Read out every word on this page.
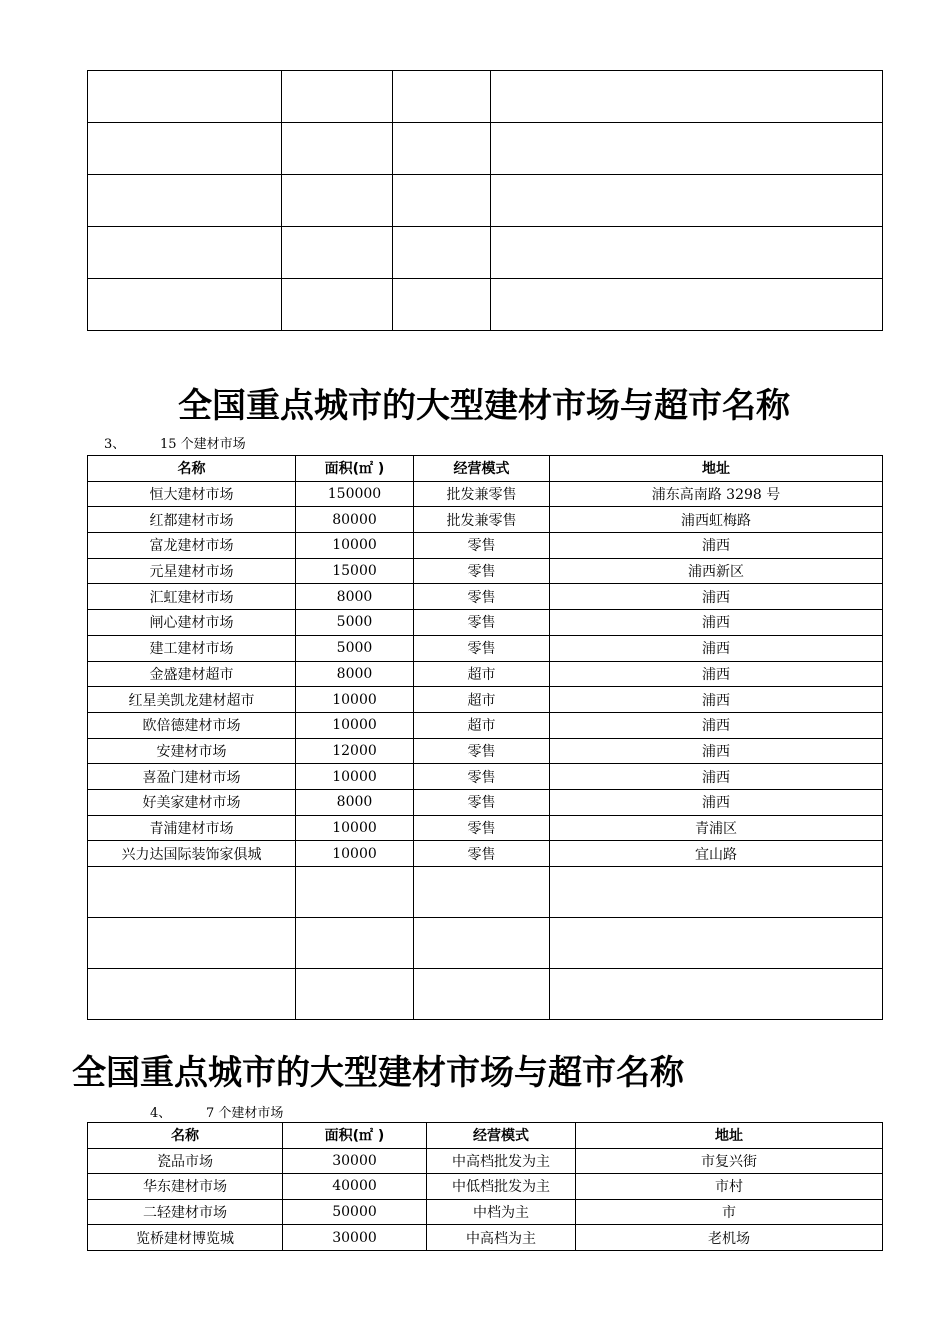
全国重点城市的大型建材市场与超市名称
3、	15 个建材市场
名称	面积(㎡ )	经营模式	地址
恒大建材市场	150000	批发兼零售	浦东高南路 3298 号
红都建材市场	80000	批发兼零售	浦西虹梅路
富龙建材市场	10000	零售	浦西
元星建材市场	15000	零售	浦西新区
汇虹建材市场	8000	零售	浦西
闸心建材市场	5000	零售	浦西
建工建材市场	5000	零售	浦西
金盛建材超市	8000	超市	浦西
红星美凯龙建材超市	10000	超市	浦西
欧倍德建材市场	10000	超市	浦西
安建材市场	12000	零售	浦西
喜盈门建材市场	10000	零售	浦西
好美家建材市场	8000	零售	浦西
青浦建材市场	10000	零售	青浦区
兴力达国际装饰家俱城	10000	零售	宜山路

全国重点城市的大型建材市场与超市名称
4、	7 个建材市场
名称	面积(㎡ )	经营模式	地址
瓷品市场	30000	中高档批发为主	市复兴街
华东建材市场	40000	中低档批发为主	市村
二轻建材市场	50000	中档为主	市
览桥建材博览城	30000	中高档为主	老机场
